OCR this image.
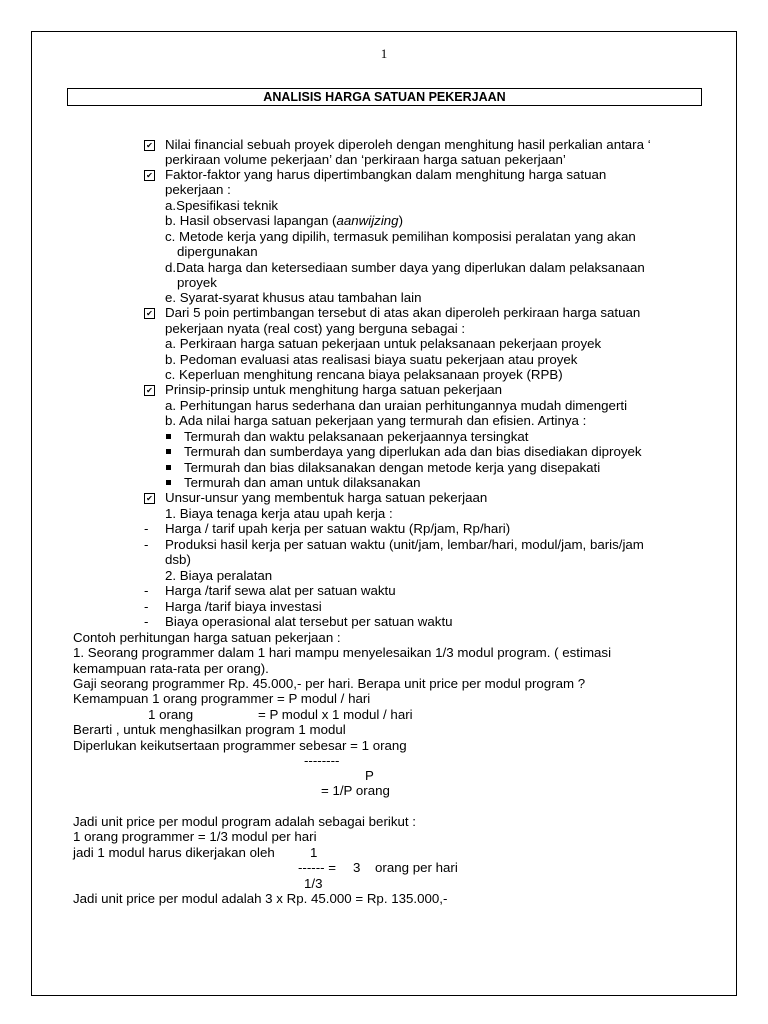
1
ANALISIS HARGA SATUAN PEKERJAAN
✔
Nilai financial sebuah proyek diperoleh dengan menghitung hasil perkalian antara ‘
perkiraan volume pekerjaan’ dan ‘perkiraan harga satuan pekerjaan’
✔
Faktor-faktor yang harus dipertimbangkan dalam menghitung harga satuan
pekerjaan :
a.Spesifikasi teknik
b. Hasil observasi lapangan (aanwijzing)
c. Metode kerja yang dipilih, termasuk pemilihan komposisi peralatan yang akan
dipergunakan
d.Data harga dan ketersediaan sumber daya yang diperlukan dalam pelaksanaan
proyek
e. Syarat-syarat khusus atau tambahan lain
✔
Dari 5 poin pertimbangan tersebut di atas akan diperoleh perkiraan harga satuan
pekerjaan nyata (real cost) yang berguna sebagai :
a. Perkiraan harga satuan pekerjaan untuk pelaksanaan pekerjaan proyek
b. Pedoman evaluasi atas realisasi biaya suatu pekerjaan atau proyek
c. Keperluan menghitung rencana biaya pelaksanaan proyek (RPB)
✔
Prinsip-prinsip untuk menghitung harga satuan pekerjaan
a. Perhitungan harus sederhana dan uraian perhitungannya mudah dimengerti
b. Ada nilai harga satuan pekerjaan yang termurah dan efisien. Artinya :
Termurah dan waktu pelaksanaan pekerjaannya tersingkat
Termurah dan sumberdaya yang diperlukan ada dan bias disediakan diproyek
Termurah dan bias dilaksanakan dengan metode kerja yang disepakati
Termurah dan aman untuk dilaksanakan
✔
Unsur-unsur yang membentuk harga satuan pekerjaan
1. Biaya tenaga kerja atau upah kerja :
- Harga / tarif upah kerja per satuan waktu (Rp/jam, Rp/hari)
- Produksi hasil kerja per satuan waktu (unit/jam, lembar/hari, modul/jam, baris/jam
dsb)
2. Biaya peralatan
- Harga /tarif sewa alat per satuan waktu
- Harga /tarif biaya investasi
- Biaya operasional alat tersebut per satuan waktu
Contoh perhitungan harga satuan pekerjaan :
1. Seorang programmer dalam 1 hari mampu menyelesaikan 1/3 modul program. ( estimasi
kemampuan rata-rata per orang).
Gaji seorang programmer Rp. 45.000,- per hari. Berapa unit price per modul program ?
Kemampuan 1 orang programmer = P modul / hari
1 orang	= P modul x 1 modul / hari
Berarti , untuk menghasilkan program 1 modul
Diperlukan keikutsertaan programmer sebesar = 1 orang
--------
P
= 1/P orang
Jadi unit price per modul program adalah sebagai berikut :
1 orang programmer = 1/3 modul per hari
jadi 1 modul harus dikerjakan oleh	1
------ = 3 orang per hari
1/3
Jadi unit price per modul adalah 3 x Rp. 45.000 = Rp. 135.000,-
